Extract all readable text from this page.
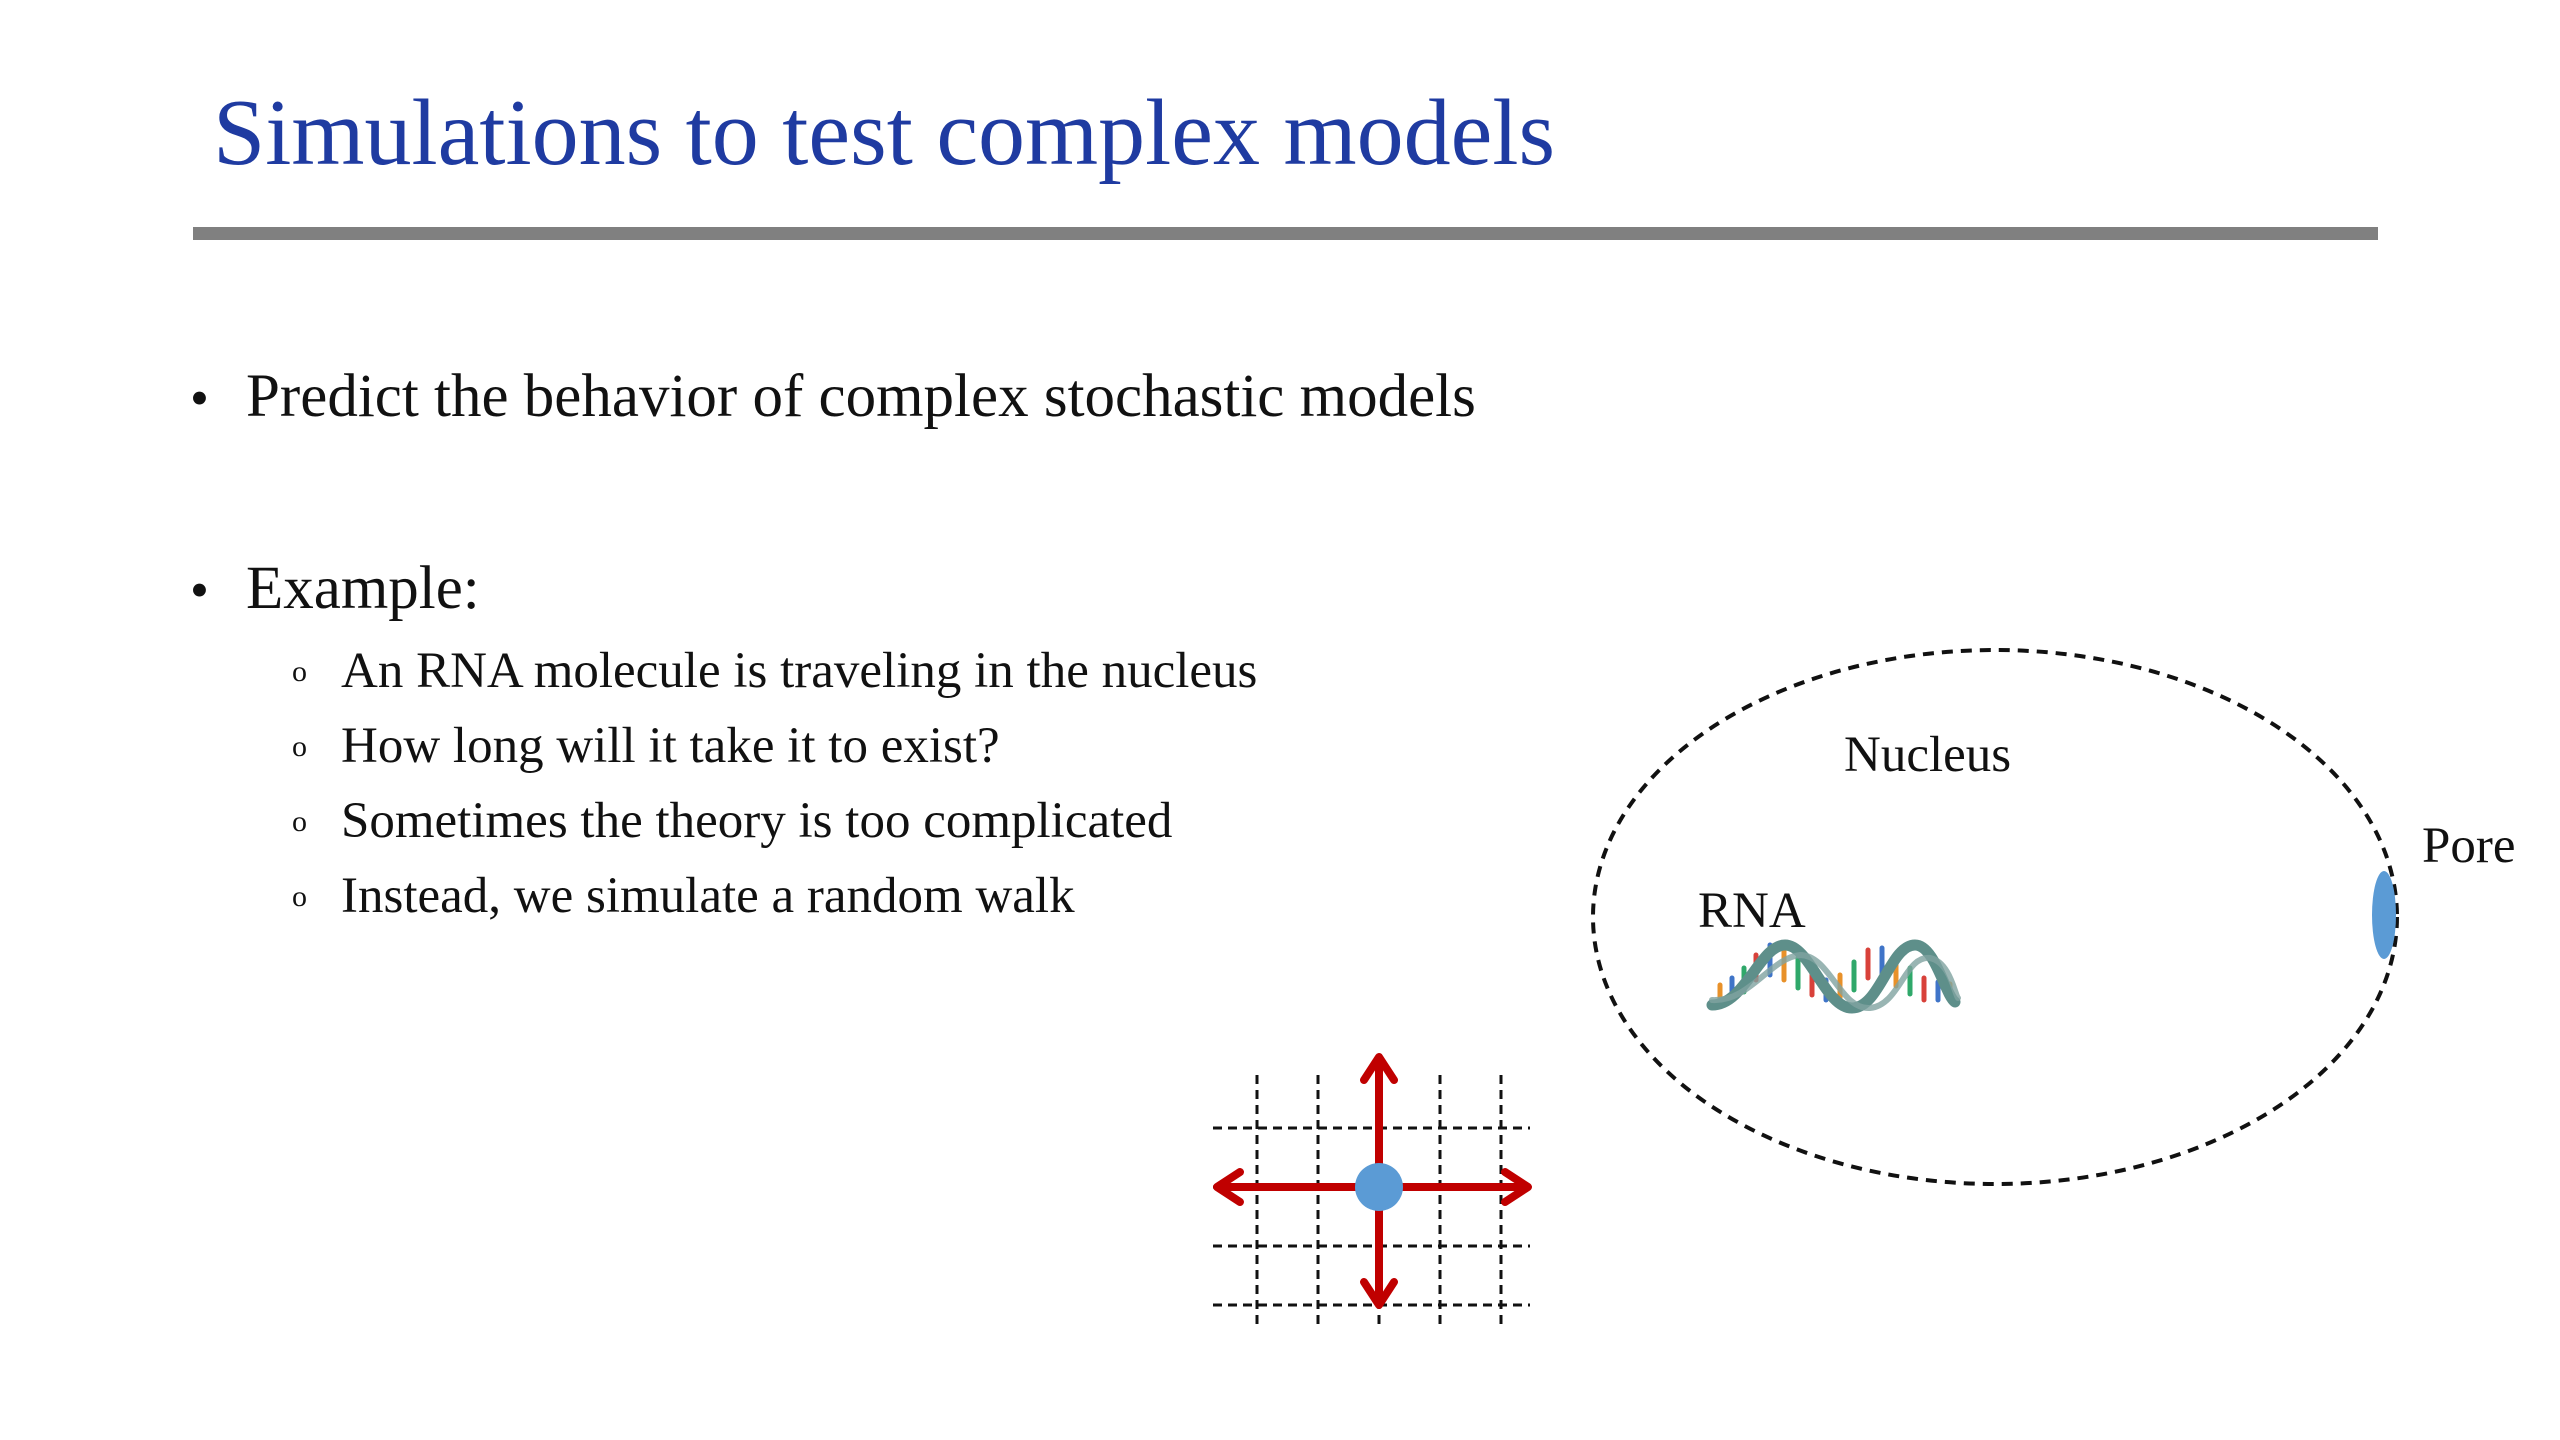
Simulations to test complex models
• Predict the behavior of complex stochastic models
• Example:
o An RNA molecule is traveling in the nucleus
o How long will it take it to exist?
o Sometimes the theory is too complicated
o Instead, we simulate a random walk
Nucleus
Pore
RNA
